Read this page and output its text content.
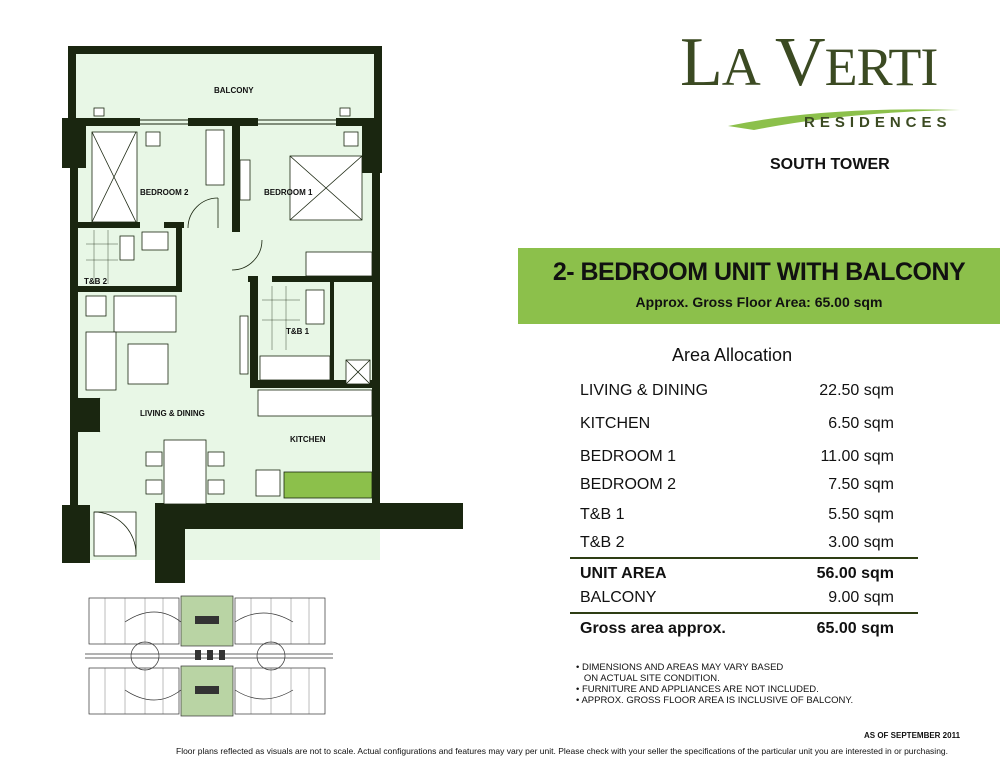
BALCONY
BEDROOM 2	BEDROOM 1
T&B 2
T&B 1
LIVING & DINING
KITCHEN
LA VERTI
RESIDENCES
SOUTH TOWER
2- BEDROOM UNIT WITH BALCONY
Approx. Gross Floor Area: 65.00 sqm
Area Allocation
LIVING & DINING	22.50 sqm
KITCHEN	6.50 sqm
BEDROOM 1	11.00 sqm
BEDROOM 2	7.50 sqm
T&B 1	5.50 sqm
T&B 2	3.00 sqm
UNIT AREA	56.00 sqm
BALCONY	9.00 sqm
Gross area approx.	65.00 sqm
• DIMENSIONS AND AREAS MAY VARY BASED
ON ACTUAL SITE CONDITION.
• FURNITURE AND APPLIANCES ARE NOT INCLUDED.
• APPROX. GROSS FLOOR AREA IS INCLUSIVE OF BALCONY.
AS OF SEPTEMBER 2011
Floor plans reflected as visuals are not to scale. Actual configurations and features may vary per unit. Please check with your seller the specifications of the particular unit you are interested in or purchasing.
